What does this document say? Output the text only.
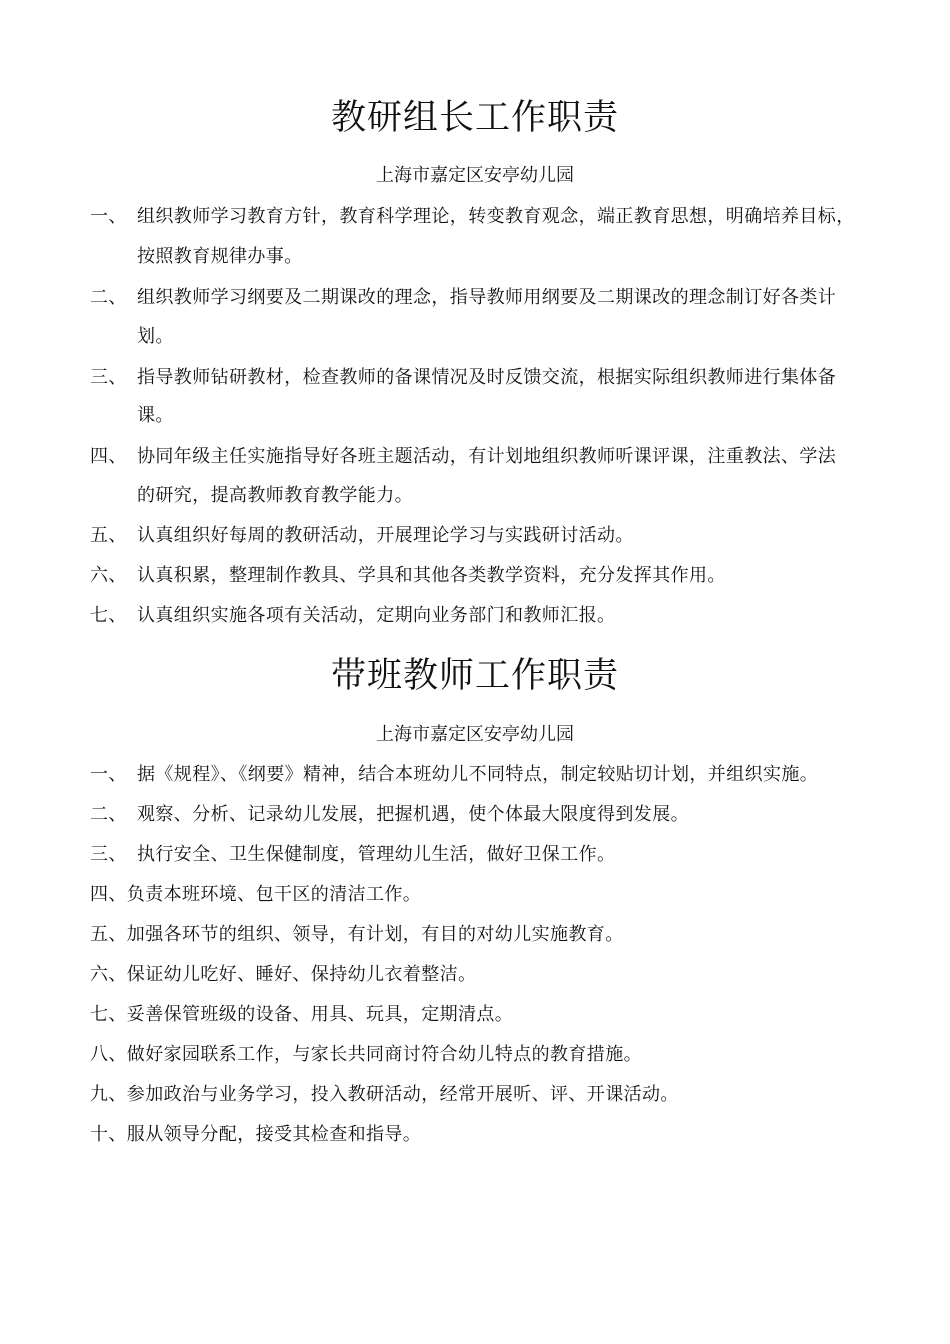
教研组长工作职责
上海市嘉定区安亭幼儿园
一、 组织教师学习教育方针，教育科学理论，转变教育观念，端正教育思想，明确培养目标，
按照教育规律办事。
二、 组织教师学习纲要及二期课改的理念，指导教师用纲要及二期课改的理念制订好各类计
划。
三、 指导教师钻研教材，检查教师的备课情况及时反馈交流，根据实际组织教师进行集体备
课。
四、 协同年级主任实施指导好各班主题活动，有计划地组织教师听课评课，注重教法、学法
的研究，提高教师教育教学能力。
五、 认真组织好每周的教研活动，开展理论学习与实践研讨活动。
六、 认真积累，整理制作教具、学具和其他各类教学资料，充分发挥其作用。
七、 认真组织实施各项有关活动，定期向业务部门和教师汇报。
带班教师工作职责
上海市嘉定区安亭幼儿园
一、 据《规程》、《纲要》精神，结合本班幼儿不同特点，制定较贴切计划，并组织实施。
二、 观察、分析、记录幼儿发展，把握机遇，使个体最大限度得到发展。
三、 执行安全、卫生保健制度，管理幼儿生活，做好卫保工作。
四、负责本班环境、包干区的清洁工作。
五、加强各环节的组织、领导，有计划，有目的对幼儿实施教育。
六、保证幼儿吃好、睡好、保持幼儿衣着整洁。
七、妥善保管班级的设备、用具、玩具，定期清点。
八、做好家园联系工作，与家长共同商讨符合幼儿特点的教育措施。
九、参加政治与业务学习，投入教研活动，经常开展听、评、开课活动。
十、服从领导分配，接受其检查和指导。
